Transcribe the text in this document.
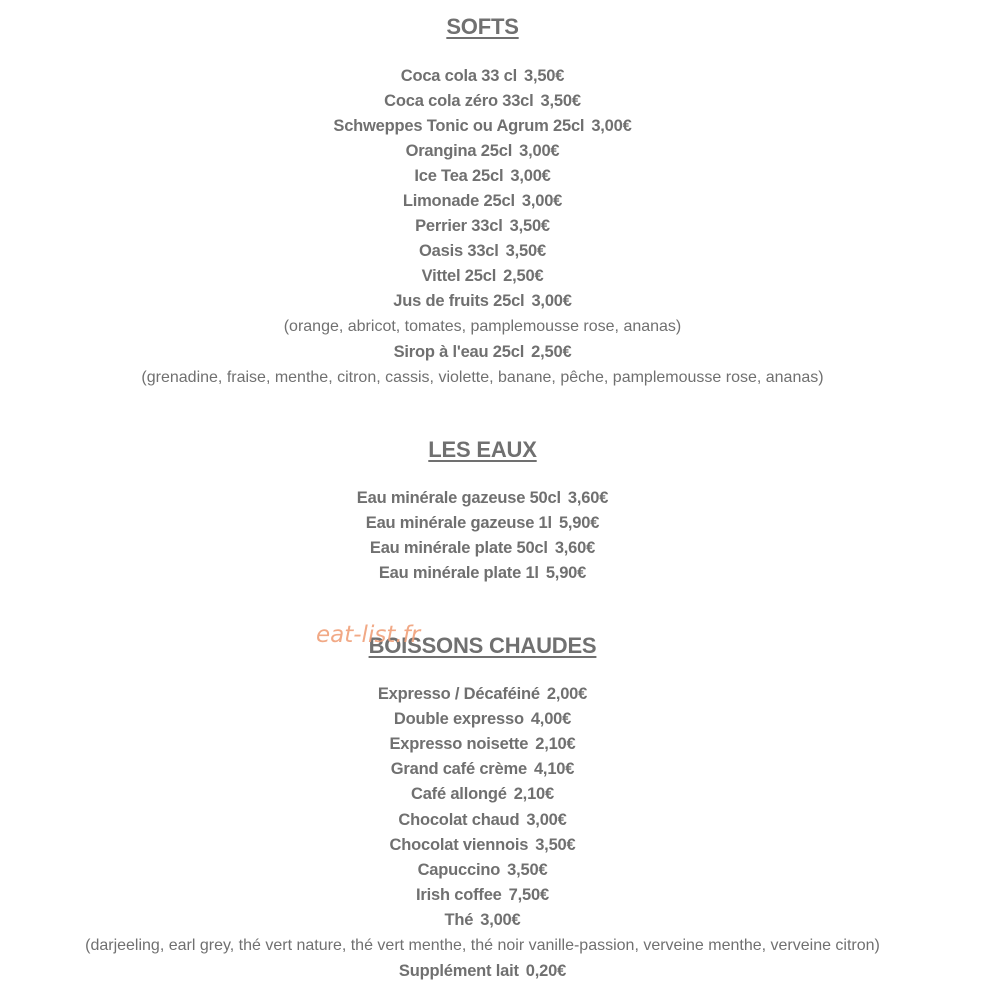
SOFTS
Coca cola 33 cl 3,50€
Coca cola zéro 33cl 3,50€
Schweppes Tonic ou Agrum 25cl 3,00€
Orangina 25cl 3,00€
Ice Tea 25cl 3,00€
Limonade 25cl 3,00€
Perrier 33cl 3,50€
Oasis 33cl 3,50€
Vittel 25cl 2,50€
Jus de fruits 25cl 3,00€
(orange, abricot, tomates, pamplemousse rose, ananas)
Sirop à l'eau 25cl 2,50€
(grenadine, fraise, menthe, citron, cassis, violette, banane, pêche, pamplemousse rose, ananas)
LES EAUX
Eau minérale gazeuse 50cl 3,60€
Eau minérale gazeuse 1l 5,90€
Eau minérale plate 50cl 3,60€
Eau minérale plate 1l 5,90€
BOISSONS CHAUDES
Expresso / Décaféiné 2,00€
Double expresso 4,00€
Expresso noisette 2,10€
Grand café crème 4,10€
Café allongé 2,10€
Chocolat chaud 3,00€
Chocolat viennois 3,50€
Capuccino 3,50€
Irish coffee 7,50€
Thé 3,00€
(darjeeling, earl grey, thé vert nature, thé vert menthe, thé noir vanille-passion, verveine menthe, verveine citron)
Supplément lait 0,20€
eat-list.fr
